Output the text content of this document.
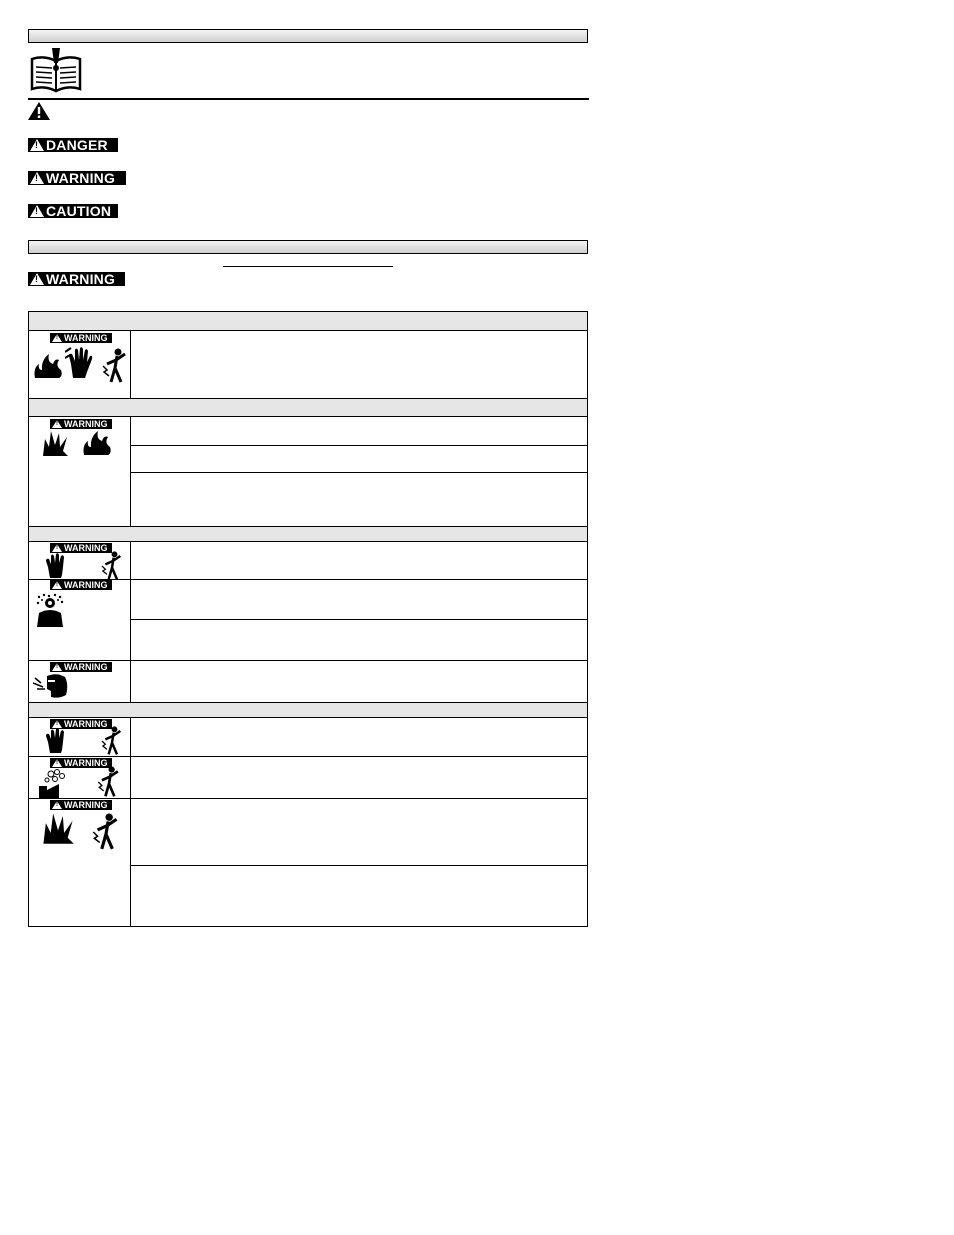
!
DANGER
!
WARNING
!
CAUTION
!
WARNING
!
WARNING
!
WARNING
!
WARNING
!
WARNING
!
WARNING
!
WARNING
!
WARNING
!
WARNING
